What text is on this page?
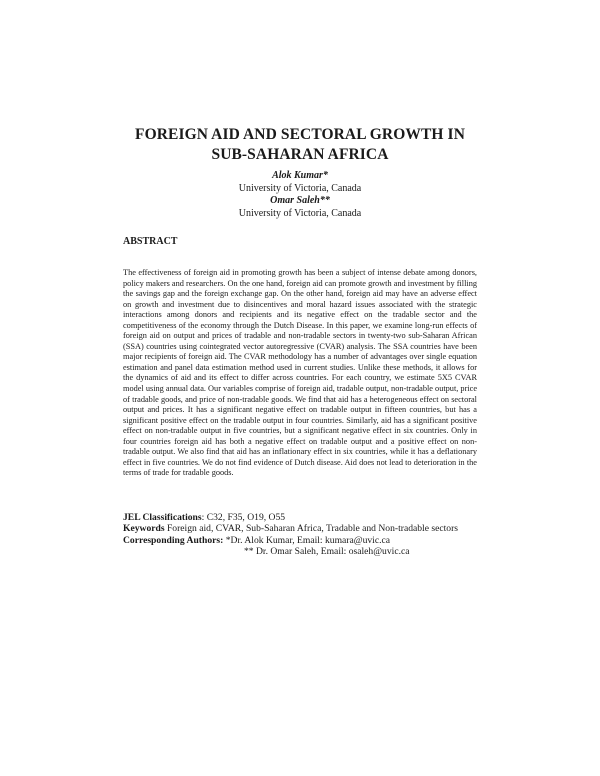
FOREIGN AID AND SECTORAL GROWTH IN
SUB-SAHARAN AFRICA
Alok Kumar*
University of Victoria, Canada
Omar Saleh**
University of Victoria, Canada
ABSTRACT
The effectiveness of foreign aid in promoting growth has been a subject of intense debate among donors, policy makers and researchers. On the one hand, foreign aid can promote growth and investment by filling the savings gap and the foreign exchange gap. On the other hand, foreign aid may have an adverse effect on growth and investment due to disincentives and moral hazard issues associated with the strategic interactions among donors and recipients and its negative effect on the tradable sector and the competitiveness of the economy through the Dutch Disease. In this paper, we examine long-run effects of foreign aid on output and prices of tradable and non-tradable sectors in twenty-two sub-Saharan African (SSA) countries using cointegrated vector autoregressive (CVAR) analysis. The SSA countries have been major recipients of foreign aid. The CVAR methodology has a number of advantages over single equation estimation and panel data estimation method used in current studies. Unlike these methods, it allows for the dynamics of aid and its effect to differ across countries. For each country, we estimate 5X5 CVAR model using annual data. Our variables comprise of foreign aid, tradable output, non-tradable output, price of tradable goods, and price of non-tradable goods. We find that aid has a heterogeneous effect on sectoral output and prices. It has a significant negative effect on tradable output in fifteen countries, but has a significant positive effect on the tradable output in four countries. Similarly, aid has a significant positive effect on non-tradable output in five countries, but a significant negative effect in six countries. Only in four countries foreign aid has both a negative effect on tradable output and a positive effect on non-tradable output. We also find that aid has an inflationary effect in six countries, while it has a deflationary effect in five countries. We do not find evidence of Dutch disease. Aid does not lead to deterioration in the terms of trade for tradable goods.

JEL Classifications: C32, F35, O19, O55

Keywords Foreign aid, CVAR, Sub-Saharan Africa, Tradable and Non-tradable sectors

Corresponding Authors: *Dr. Alok Kumar, Email: kumara@uvic.ca

** Dr. Omar Saleh, Email: osaleh@uvic.ca
